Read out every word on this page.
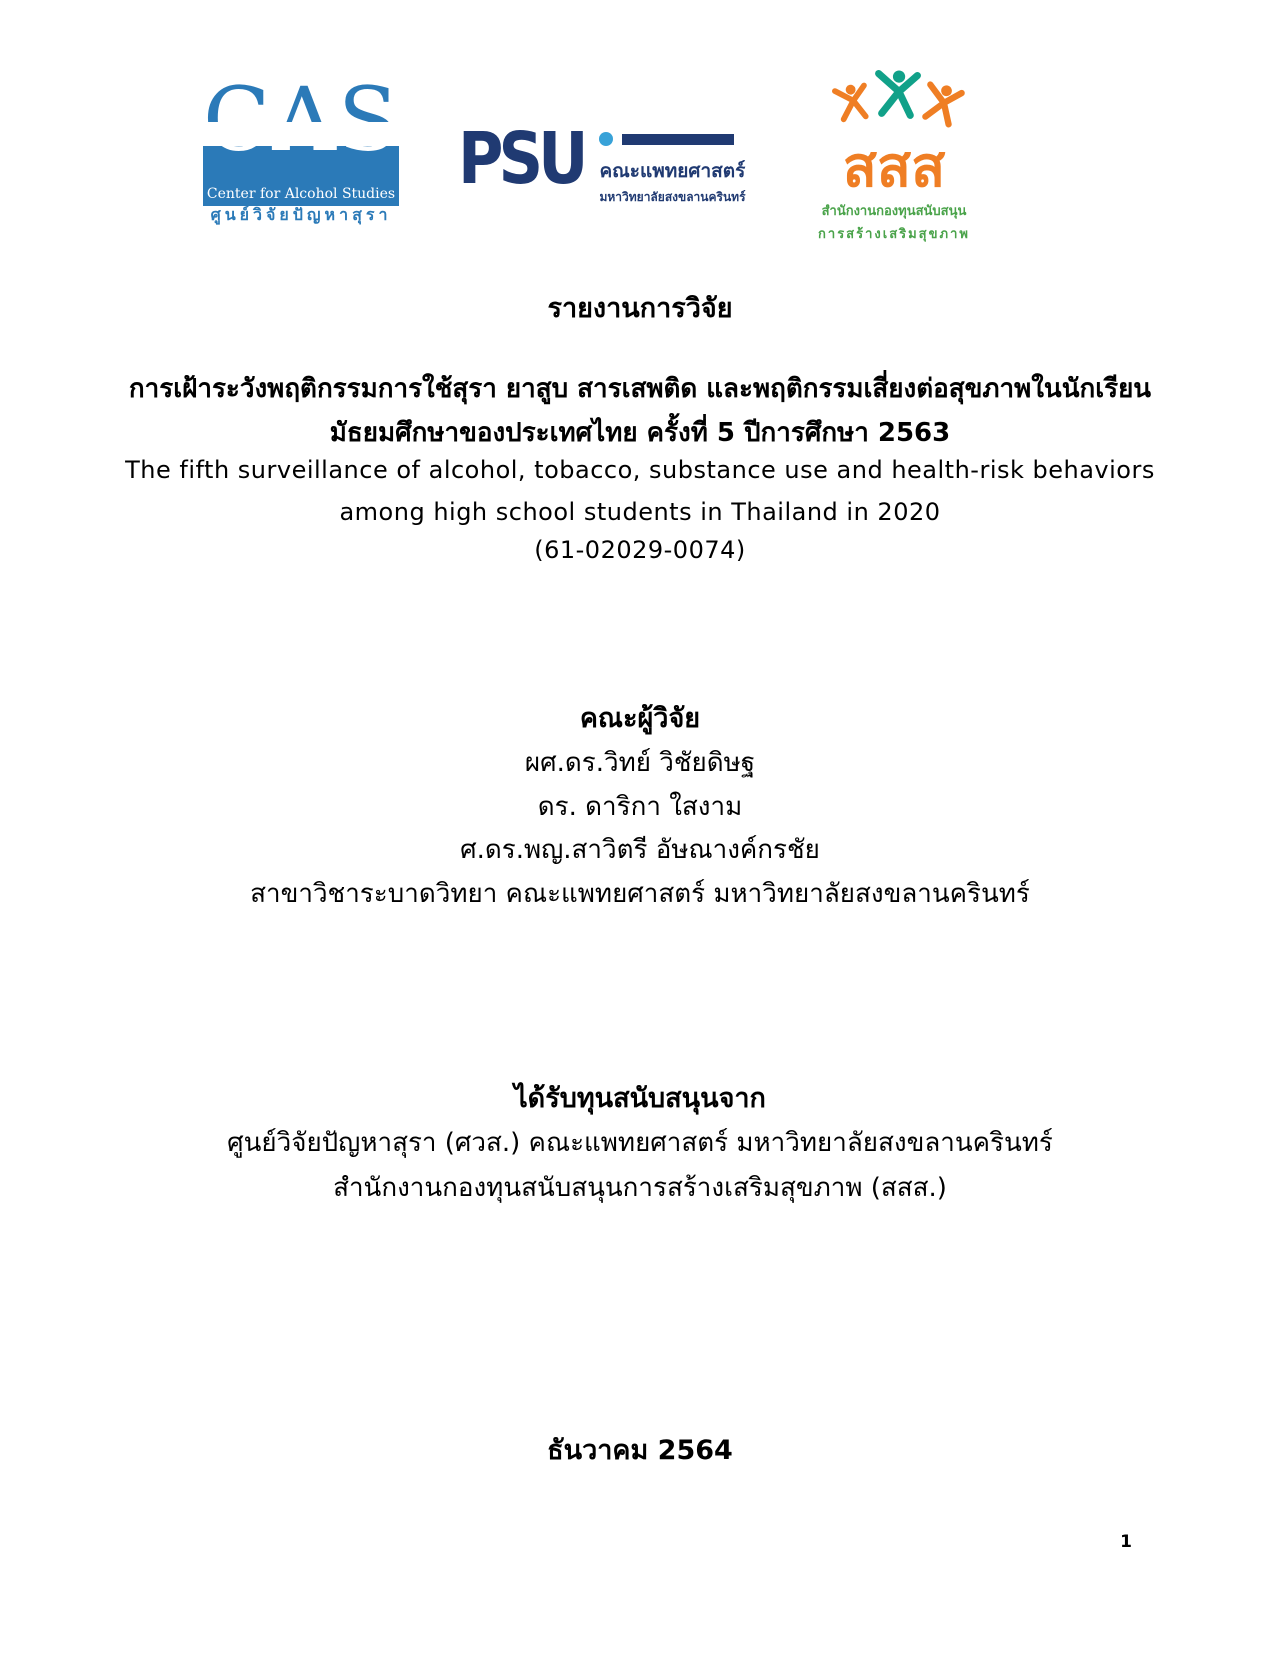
CAS
Center for Alcohol Studies
ศูนย์วิจัยปัญหาสุรา
PSU คณะแพทยศาสตร์
มหาวิทยาลัยสงขลานครินทร์	สสส
สำนักงานกองทุนสนับสนุน
การสร้างเสริมสุขภาพ
รายงานการวิจัย
การเฝ้าระวังพฤติกรรมการใช้สุรา ยาสูบ สารเสพติด และพฤติกรรมเสี่ยงต่อสุขภาพในนักเรียน
มัธยมศึกษาของประเทศไทย ครั้งที่ 5 ปีการศึกษา 2563
The fifth surveillance of alcohol, tobacco, substance use and health-risk behaviors
among high school students in Thailand in 2020
(61-02029-0074)
คณะผู้วิจัย
ผศ.ดร.วิทย์ วิชัยดิษฐ
ดร. ดาริกา ใสงาม
ศ.ดร.พญ.สาวิตรี อัษณางค์กรชัย
สาขาวิชาระบาดวิทยา คณะแพทยศาสตร์ มหาวิทยาลัยสงขลานครินทร์
ได้รับทุนสนับสนุนจาก
ศูนย์วิจัยปัญหาสุรา (ศวส.) คณะแพทยศาสตร์ มหาวิทยาลัยสงขลานครินทร์
สำนักงานกองทุนสนับสนุนการสร้างเสริมสุขภาพ (สสส.)
ธันวาคม 2564
1
